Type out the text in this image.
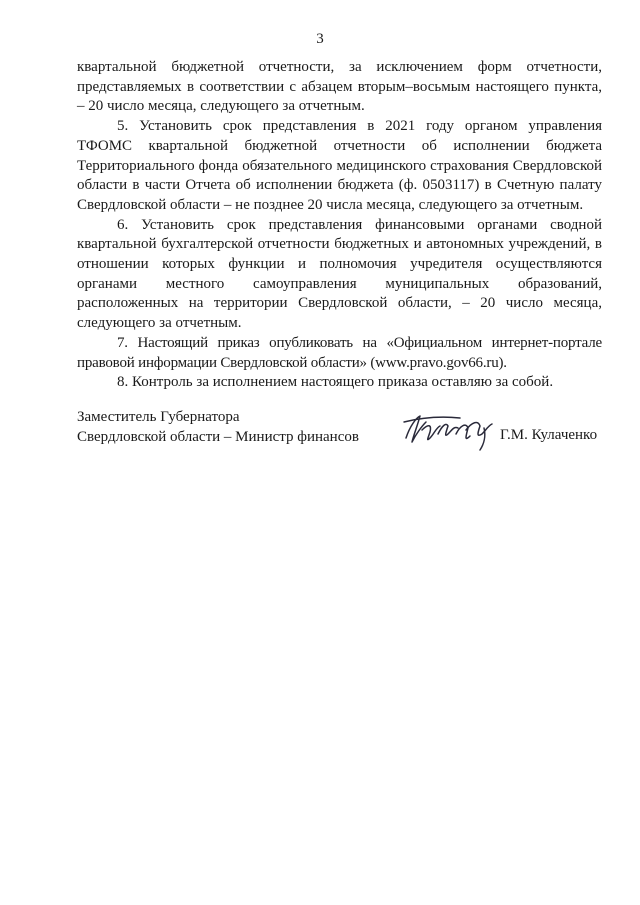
3

квартальной бюджетной отчетности, за исключением форм отчетности, представляемых в соответствии с абзацем вторым–восьмым настоящего пункта, – 20 число месяца, следующего за отчетным.

5. Установить срок представления в 2021 году органом управления ТФОМС квартальной бюджетной отчетности об исполнении бюджета Территориального фонда обязательного медицинского страхования Свердловской области в части Отчета об исполнении бюджета (ф. 0503117) в Счетную палату Свердловской области – не позднее 20 числа месяца, следующего за отчетным.

6. Установить срок представления финансовыми органами сводной квартальной бухгалтерской отчетности бюджетных и автономных учреждений, в отношении которых функции и полномочия учредителя осуществляются органами местного самоуправления муниципальных образований, расположенных на территории Свердловской области, – 20 число месяца, следующего за отчетным.

7. Настоящий приказ опубликовать на «Официальном интернет-портале правовой информации Свердловской области» (www.pravo.gov66.ru).

8. Контроль за исполнением настоящего приказа оставляю за собой.

Заместитель Губернатора
Свердловской области – Министр финансов	Г.М. Кулаченко
